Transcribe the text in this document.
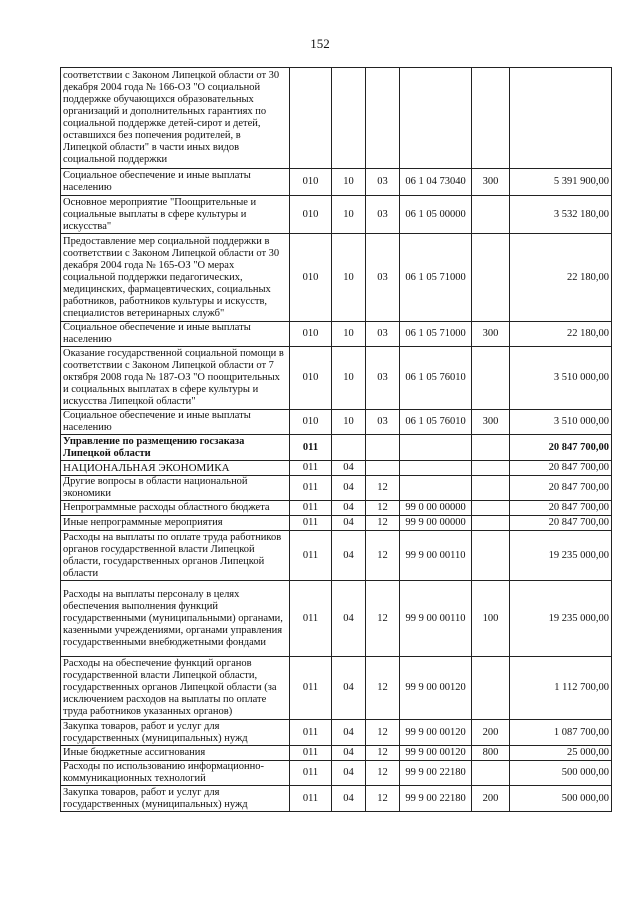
152
соответствии с Законом Липецкой области от 30 декабря 2004 года № 166-ОЗ "О социальной поддержке обучающихся образовательных организаций и дополнительных гарантиях по социальной поддержке детей-сирот и детей, оставшихся без попечения родителей, в Липецкой области" в части иных видов социальной поддержки						
Социальное обеспечение и иные выплаты населению	010	10	03	06 1 04 73040	300	5 391 900,00
Основное мероприятие "Поощрительные и социальные выплаты в сфере культуры и искусства"	010	10	03	06 1 05 00000		3 532 180,00
Предоставление мер социальной поддержки в соответствии с Законом Липецкой области от 30 декабря 2004 года № 165-ОЗ "О мерах социальной поддержки педагогических, медицинских, фармацевтических, социальных работников, работников культуры и искусств, специалистов ветеринарных служб"	010	10	03	06 1 05 71000		22 180,00
Социальное обеспечение и иные выплаты населению	010	10	03	06 1 05 71000	300	22 180,00
Оказание государственной социальной помощи в соответствии с Законом Липецкой области от 7 октября 2008 года № 187-ОЗ "О поощрительных и социальных выплатах в сфере культуры и искусства Липецкой области"	010	10	03	06 1 05 76010		3 510 000,00
Социальное обеспечение и иные выплаты населению	010	10	03	06 1 05 76010	300	3 510 000,00
Управление по размещению госзаказа Липецкой области	011					20 847 700,00
НАЦИОНАЛЬНАЯ ЭКОНОМИКА	011	04				20 847 700,00
Другие вопросы в области национальной экономики	011	04	12			20 847 700,00
Непрограммные расходы областного бюджета	011	04	12	99 0 00 00000		20 847 700,00
Иные непрограммные мероприятия	011	04	12	99 9 00 00000		20 847 700,00
Расходы на выплаты по оплате труда работников органов государственной власти Липецкой области, государственных органов Липецкой области	011	04	12	99 9 00 00110		19 235 000,00
Расходы на выплаты персоналу в целях обеспечения выполнения функций государственными (муниципальными) органами, казенными учреждениями, органами управления государственными внебюджетными фондами	011	04	12	99 9 00 00110	100	19 235 000,00
Расходы на обеспечение функций органов государственной власти Липецкой области, государственных органов Липецкой области (за исключением расходов на выплаты по оплате труда работников указанных органов)	011	04	12	99 9 00 00120		1 112 700,00
Закупка товаров, работ и услуг для государственных (муниципальных) нужд	011	04	12	99 9 00 00120	200	1 087 700,00
Иные бюджетные ассигнования	011	04	12	99 9 00 00120	800	25 000,00
Расходы по использованию информационно-коммуникационных технологий	011	04	12	99 9 00 22180		500 000,00
Закупка товаров, работ и услуг для государственных (муниципальных) нужд	011	04	12	99 9 00 22180	200	500 000,00
